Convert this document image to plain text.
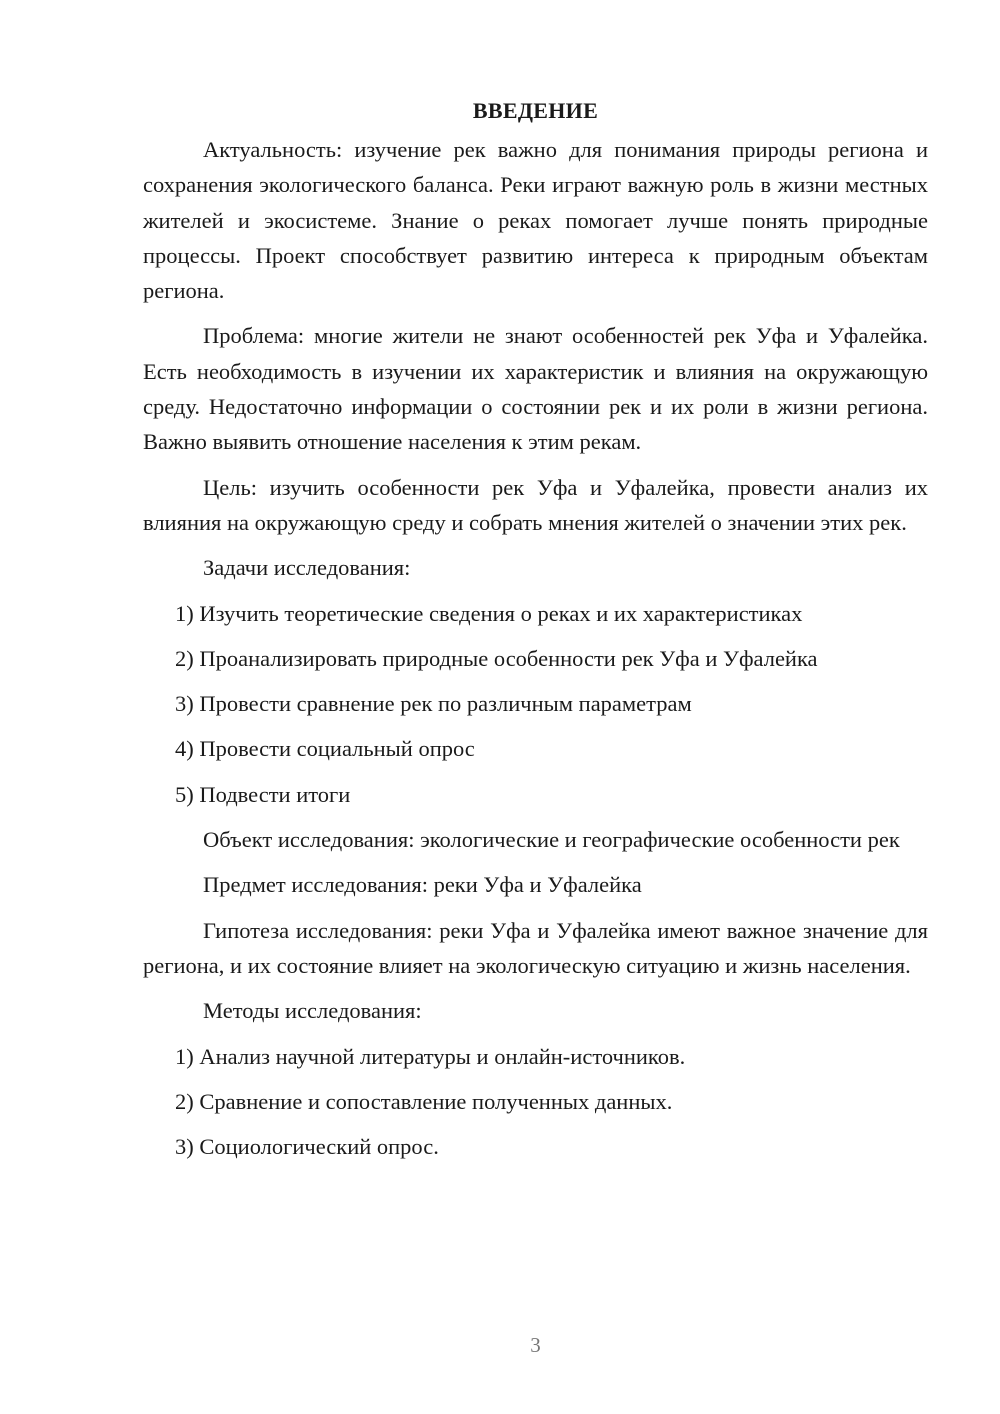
ВВЕДЕНИЕ

Актуальность: изучение рек важно для понимания природы региона и сохранения экологического баланса. Реки играют важную роль в жизни местных жителей и экосистеме. Знание о реках помогает лучше понять природные процессы. Проект способствует развитию интереса к природным объектам региона.

Проблема: многие жители не знают особенностей рек Уфа и Уфалейка. Есть необходимость в изучении их характеристик и влияния на окружающую среду. Недостаточно информации о состоянии рек и их роли в жизни региона. Важно выявить отношение населения к этим рекам.

Цель: изучить особенности рек Уфа и Уфалейка, провести анализ их влияния на окружающую среду и собрать мнения жителей о значении этих рек.

Задачи исследования:

1) Изучить теоретические сведения о реках и их характеристиках
2) Проанализировать природные особенности рек Уфа и Уфалейка
3) Провести сравнение рек по различным параметрам
4) Провести социальный опрос
5) Подвести итоги

Объект исследования: экологические и географические особенности рек

Предмет исследования: реки Уфа и Уфалейка

Гипотеза исследования: реки Уфа и Уфалейка имеют важное значение для региона, и их состояние влияет на экологическую ситуацию и жизнь населения.

Методы исследования:

1) Анализ научной литературы и онлайн-источников.
2) Сравнение и сопоставление полученных данных.
3) Социологический опрос.
3
